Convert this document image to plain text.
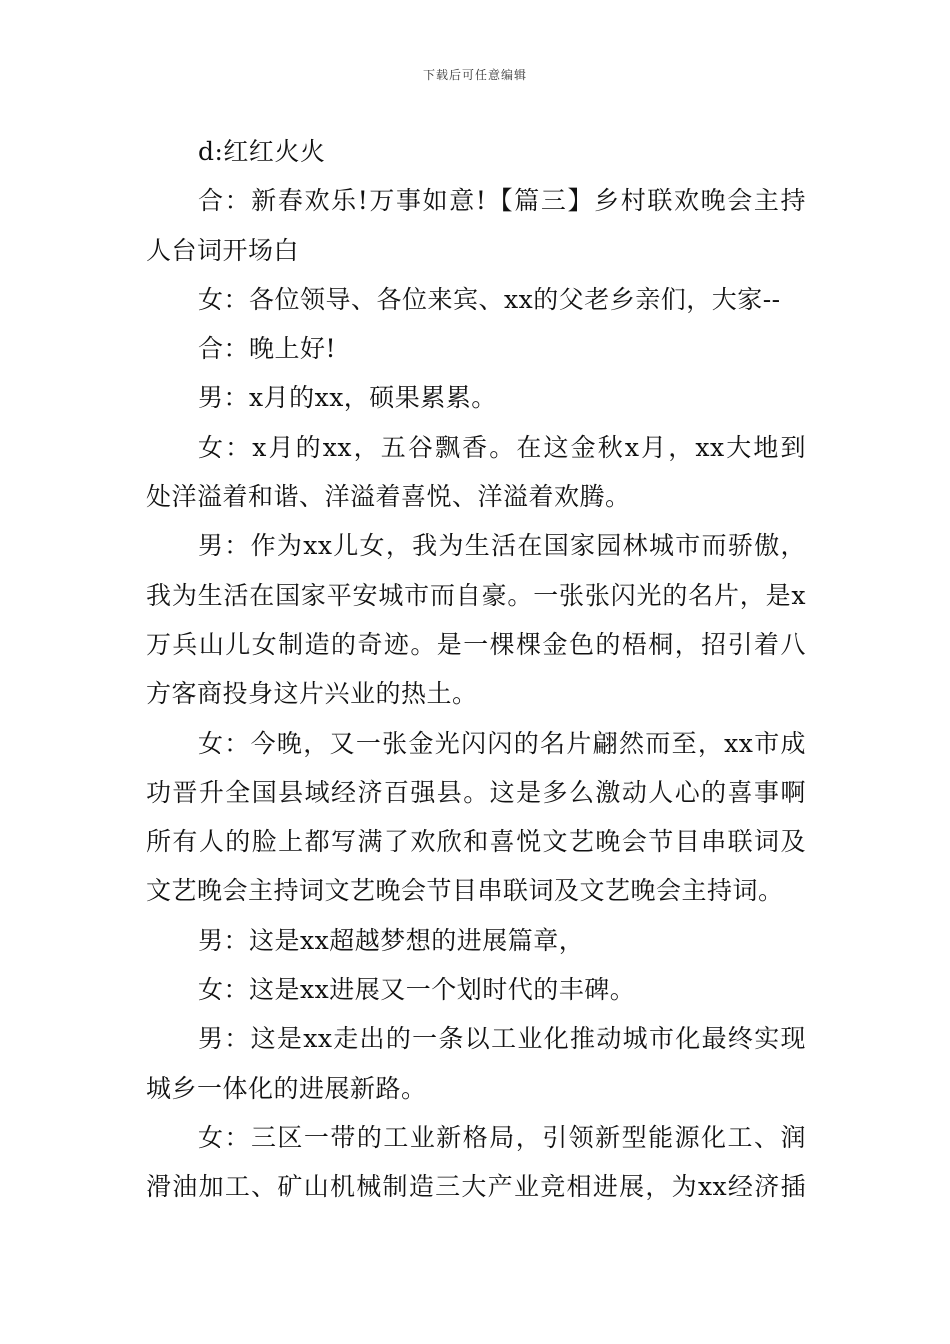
下载后可任意编辑
d:红红火火
合：新春欢乐!万事如意!【篇三】乡村联欢晚会主持
人台词开场白
女：各位领导、各位来宾、xx的父老乡亲们，大家--
合：晚上好!
男：x月的xx，硕果累累。
女：x月的xx，五谷飘香。在这金秋x月，xx大地到
处洋溢着和谐、洋溢着喜悦、洋溢着欢腾。
男：作为xx儿女，我为生活在国家园林城市而骄傲，
我为生活在国家平安城市而自豪。一张张闪光的名片，是x
万兵山儿女制造的奇迹。是一棵棵金色的梧桐，招引着八
方客商投身这片兴业的热土。
女：今晚，又一张金光闪闪的名片翩然而至，xx市成
功晋升全国县域经济百强县。这是多么激动人心的喜事啊
所有人的脸上都写满了欢欣和喜悦文艺晚会节目串联词及
文艺晚会主持词文艺晚会节目串联词及文艺晚会主持词。
男：这是xx超越梦想的进展篇章，
女：这是xx进展又一个划时代的丰碑。
男：这是xx走出的一条以工业化推动城市化最终实现
城乡一体化的进展新路。
女：三区一带的工业新格局，引领新型能源化工、润
滑油加工、矿山机械制造三大产业竞相进展，为xx经济插
